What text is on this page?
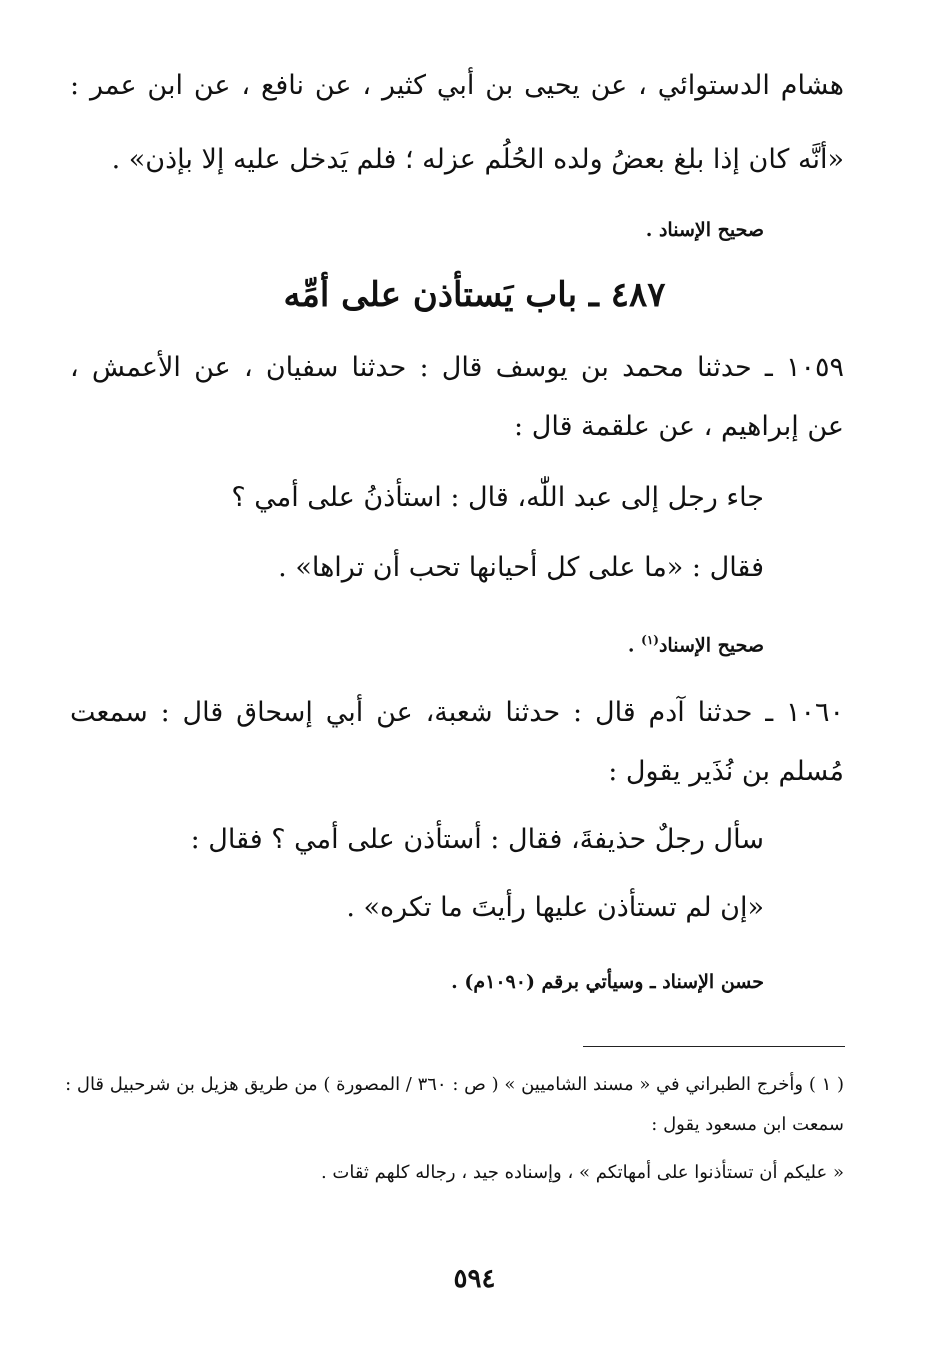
هشام الدستوائي ، عن يحيى بن أبي كثير ، عن نافع ، عن ابن عمر :
«أنَّه كان إذا بلغ بعضُ ولده الحُلُم عزله ؛ فلم يَدخل عليه إلا بإذن» .
صحيح الإسناد .
٤٨٧ ـ باب يَستأذن على أمِّه
١٠٥٩ ـ حدثنا محمد بن يوسف قال : حدثنا سفيان ، عن الأعمش ،
عن إبراهيم ، عن علقمة قال :
جاء رجل إلى عبد اللّٰه، قال : استأذنُ على أمي ؟
فقال : «ما على كل أحيانها تحب أن تراها» .
صحيح الإسناد$^{(١)}$ .
١٠٦٠ ـ حدثنا آدم قال : حدثنا شعبة، عن أبي إسحاق قال : سمعت
مُسلم بن نُذَير يقول :
سأل رجلٌ حذيفةَ، فقال : أستأذن على أمي ؟ فقال :
«إن لم تستأذن عليها رأيتَ ما تكره» .
حسن الإسناد ـ وسيأتي برقم (١٠٩٠م) .
( ١ ) وأخرج الطبراني في « مسند الشاميين » ( ص : ٣٦٠ / المصورة ) من طريق هزيل بن شرحبيل قال :
سمعت ابن مسعود يقول :
« عليكم أن تستأذنوا على أمهاتكم » ، وإسناده جيد ، رجاله كلهم ثقات .
٥٩٤
